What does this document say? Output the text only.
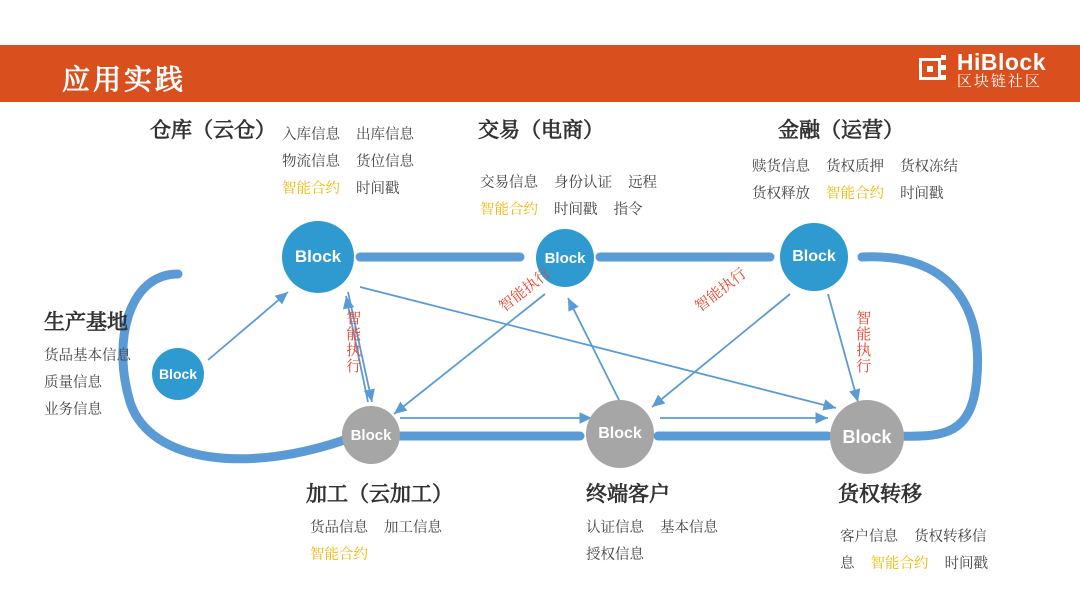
应用实践
HiBlock
区块链社区
Block
Block	Block	Block
Block	Block	Block
生产基地
货品基本信息
质量信息
业务信息
仓库（云仓） 入库信息 出库信息
物流信息 货位信息
智能合约 时间戳
交易（电商）
交易信息 身份认证 远程
智能合约 时间戳 指令
金融（运营）
赎货信息 货权质押 货权冻结
货权释放 智能合约 时间戳
加工（云加工）
货品信息 加工信息
智能合约
终端客户
认证信息 基本信息
授权信息
货权转移
客户信息 货权转移信
息 智能合约 时间戳
智能执行
智能执行	智能执行
智能执行
